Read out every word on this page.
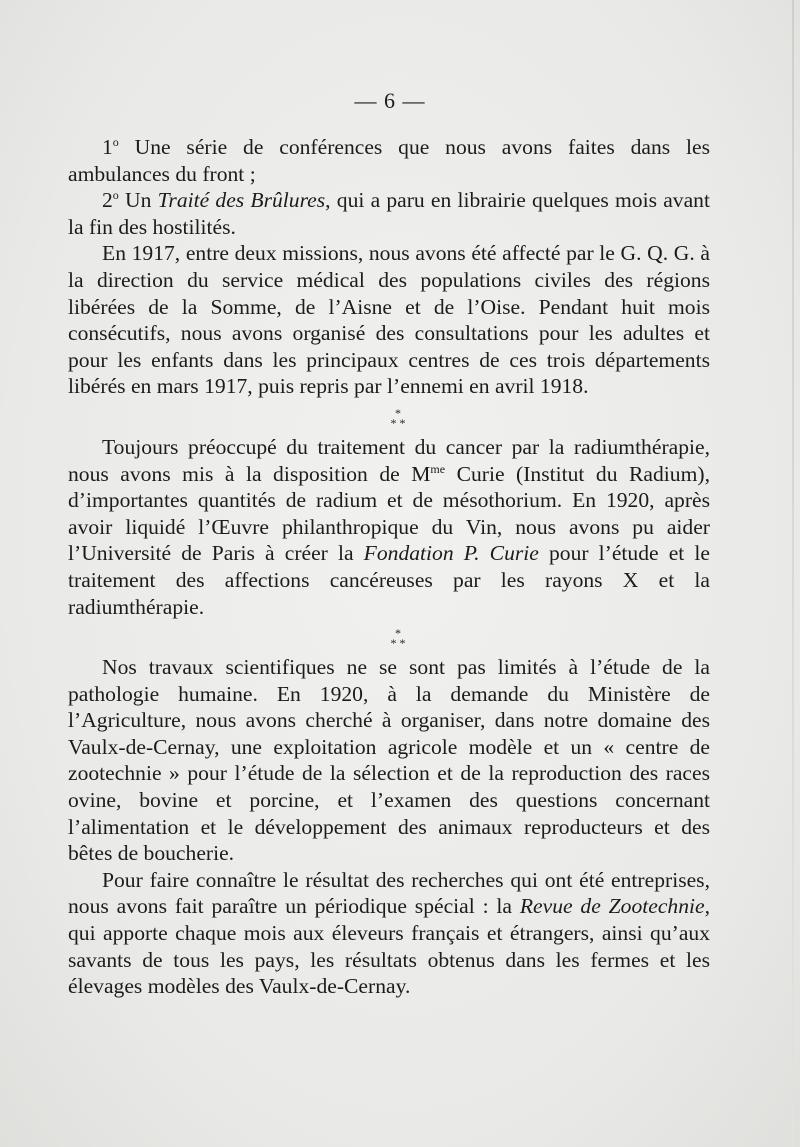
— 6 —

1$^o$ Une série de conférences que nous avons faites dans les ambulances du front ;

2$^o$ Un Traité des Brûlures, qui a paru en librairie quelques mois avant la fin des hostilités.

En 1917, entre deux missions, nous avons été affecté par le G. Q. G. à la direction du service médical des populations civiles des régions libérées de la Somme, de l’Aisne et de l’Oise. Pendant huit mois consécutifs, nous avons organisé des consultations pour les adultes et pour les enfants dans les principaux centres de ces trois départements libérés en mars 1917, puis repris par l’ennemi en avril 1918.

*
* *

Toujours préoccupé du traitement du cancer par la radiumthérapie, nous avons mis à la disposition de $M^{me}$ Curie (Institut du Radium), d’importantes quantités de radium et de mésothorium. En 1920, après avoir liquidé l’Œuvre philanthropique du Vin, nous avons pu aider l’Université de Paris à créer la Fondation P. Curie pour l’étude et le traitement des affections cancéreuses par les rayons X et la radiumthérapie.

*
* *

Nos travaux scientifiques ne se sont pas limités à l’étude de la pathologie humaine. En 1920, à la demande du Ministère de l’Agriculture, nous avons cherché à organiser, dans notre domaine des Vaulx-de-Cernay, une exploitation agricole modèle et un « centre de zootechnie » pour l’étude de la sélection et de la reproduction des races ovine, bovine et porcine, et l’examen des questions concernant l’alimentation et le développement des animaux reproducteurs et des bêtes de boucherie.

Pour faire connaître le résultat des recherches qui ont été entreprises, nous avons fait paraître un périodique spécial : la Revue de Zootechnie, qui apporte chaque mois aux éleveurs français et étrangers, ainsi qu’aux savants de tous les pays, les résultats obtenus dans les fermes et les élevages modèles des Vaulx-de-Cernay.
